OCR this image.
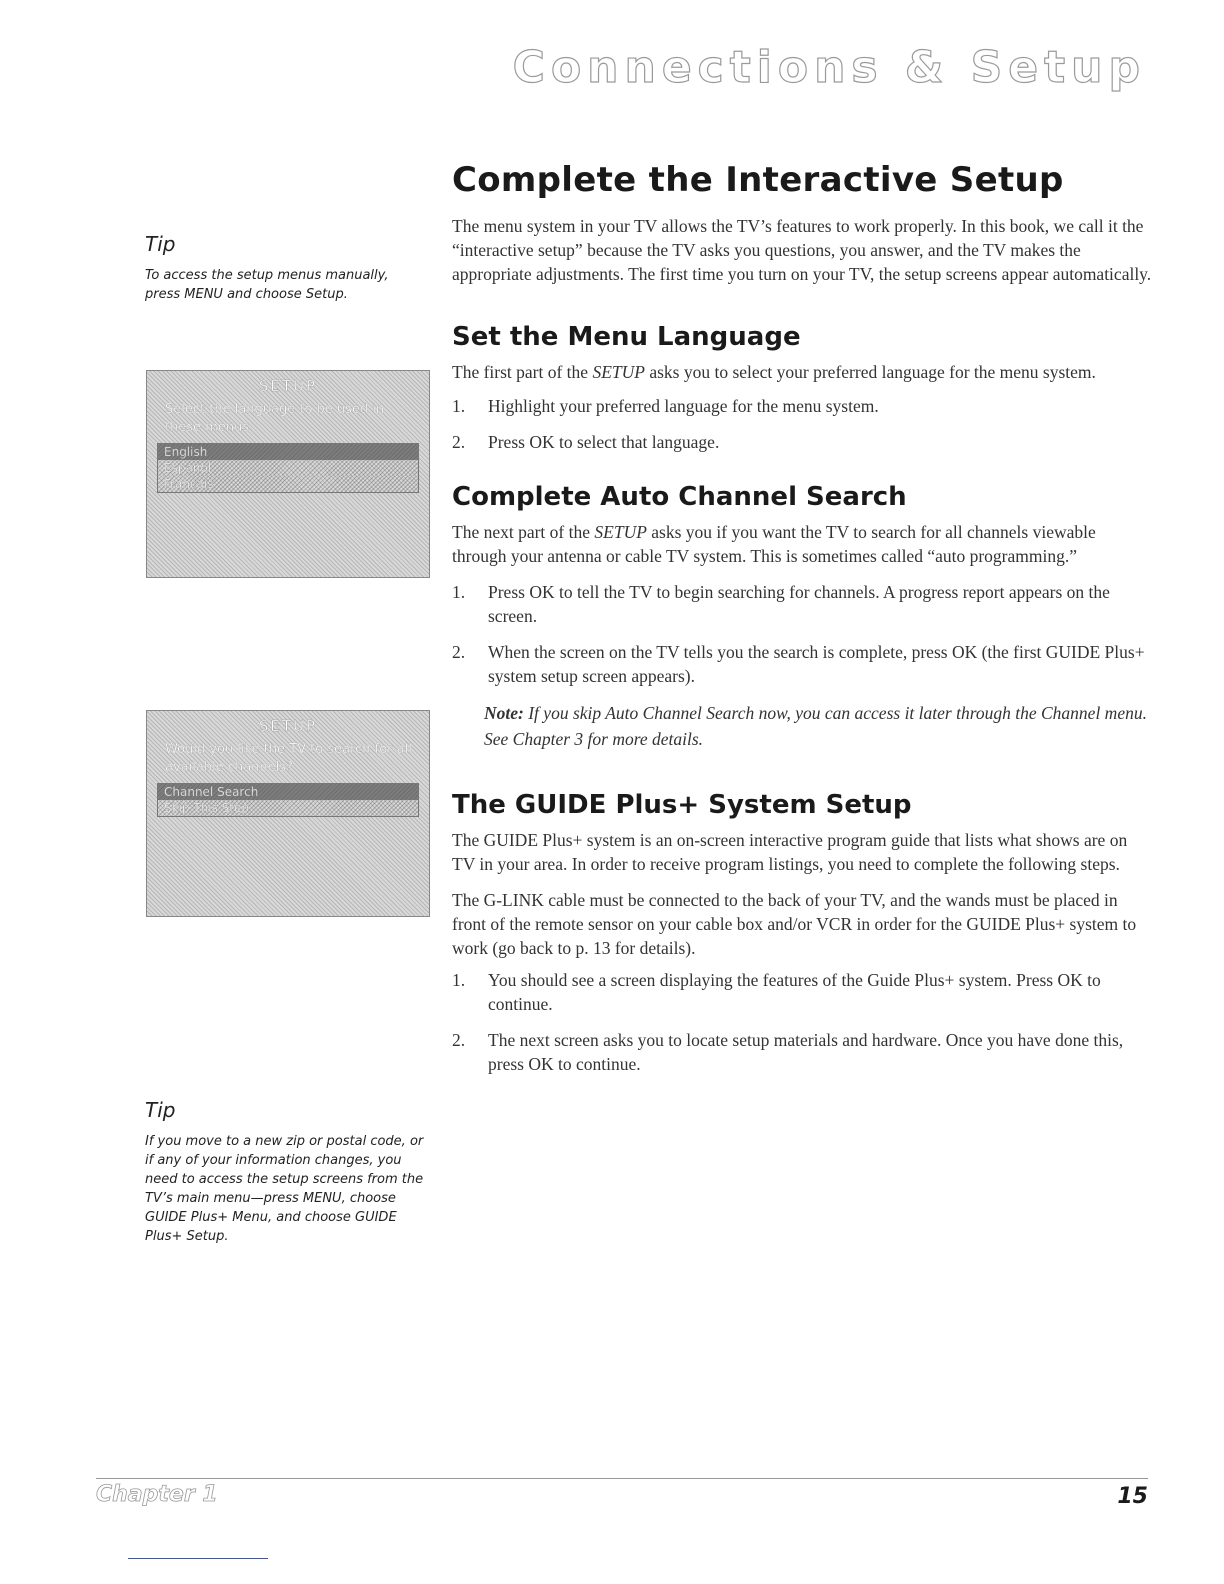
Connections & Setup

Tip

To access the setup menus manually, press MENU and choose Setup.

SETUP
Select the language to be used in these menus
English
Español
Français
SETUP
Would you like the TV to search for all available channels?
Channel Search
Skip This Step

Tip

If you move to a new zip or postal code, or if any of your information changes, you need to access the setup screens from the TV’s main menu—press MENU, choose GUIDE Plus+ Menu, and choose GUIDE Plus+ Setup.

Complete the Interactive Setup

The menu system in your TV allows the TV’s features to work properly. In this book, we call it the “interactive setup” because the TV asks you questions, you answer, and the TV makes the appropriate adjustments. The first time you turn on your TV, the setup screens appear automatically.

Set the Menu Language

The first part of the SETUP asks you to select your preferred language for the menu system.

1. Highlight your preferred language for the menu system.
2. Press OK to select that language.
Complete Auto Channel Search

The next part of the SETUP asks you if you want the TV to search for all channels viewable through your antenna or cable TV system. This is sometimes called “auto programming.”

1. Press OK to tell the TV to begin searching for channels. A progress report appears on the screen.
2. When the screen on the TV tells you the search is complete, press OK (the first GUIDE Plus+ system setup screen appears).

Note: If you skip Auto Channel Search now, you can access it later through the Channel menu. See Chapter 3 for more details.

The GUIDE Plus+ System Setup

The GUIDE Plus+ system is an on-screen interactive program guide that lists what shows are on TV in your area. In order to receive program listings, you need to complete the following steps.

The G-LINK cable must be connected to the back of your TV, and the wands must be placed in front of the remote sensor on your cable box and/or VCR in order for the GUIDE Plus+ system to work (go back to p. 13 for details).

1. You should see a screen displaying the features of the Guide Plus+ system. Press OK to continue.
2. The next screen asks you to locate setup materials and hardware. Once you have done this, press OK to continue.

Chapter 1	15
